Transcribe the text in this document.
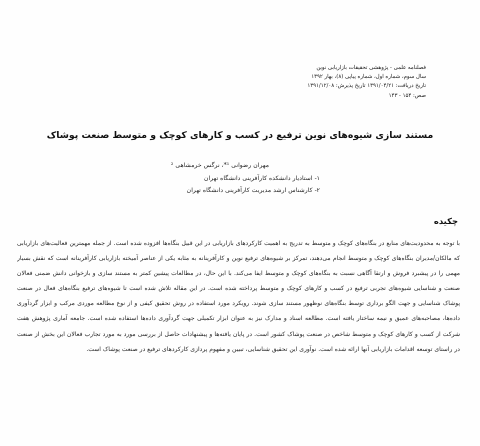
فصلنامه علمی - پژوهشی تحقیقات بازاریابی نوین
سال سوم، شماره اول، شماره پیاپی (۸)، بهار ۱۳۹۲
تاریخ دریافت: ۱۳۹۱/۰۴/۲۱ تاریخ پذیرش: ۱۳۹۱/۱۲/۰۸
صص: ۱۵۴ - ۱۴۳
مستند سازی شیوه‌های نوین ترفیع در کسب و کارهای کوچک و متوسط صنعت پوشاک
مهران رضوانی ¹*، نرگس خرمشاهی ²
۱- استادیار دانشکده کارآفرینی دانشگاه تهران
۲- کارشناس ارشد مدیریت کارآفرینی دانشگاه تهران
چکیده
با توجه به محدودیت‌های منابع در بنگاه‌های کوچک و متوسط به تدریج به اهمیت کارکردهای بازاریابی در این قبیل بنگاه‌ها افزوده شده است. از جمله مهمترین فعالیت‌های بازاریابی که مالکان/مدیران بنگاه‌های کوچک و متوسط انجام می‌دهند، تمرکز بر شیوه‌های ترفیع نوین و کارآفرینانه به مثابه یکی از عناصر آمیخته بازاریابی کارآفرینانه است که نقش بسیار مهمی را در پیشبرد فروش و ارتقا آگاهی نسبت به بنگاه‌های کوچک و متوسط ایفا می‌کند. با این حال، در مطالعات پیشین کمتر به مستند سازی و بازخوانی دانش ضمنی فعالان صنعت و شناسایی شیوه‌های تجربی ترفیع در کسب و کارهای کوچک و متوسط پرداخته شده است. در این مقاله تلاش شده است تا شیوه‌های ترفیع بنگاه‌های فعال در صنعت پوشاک شناسایی و جهت الگو برداری توسط بنگاه‌های نوظهور مستند سازی شوند. رویکرد مورد استفاده در روش تحقیق کیفی و از نوع مطالعه موردی مرکب و ابزار گردآوری داده‌ها، مصاحبه‌های عمیق و نیمه ساختار یافته است. مطالعه اسناد و مدارک نیز به عنوان ابزار تکمیلی جهت گردآوری داده‌ها استفاده شده است. جامعه آماری پژوهش هفت شرکت از کسب و کارهای کوچک و متوسط شاخص در صنعت پوشاک کشور است. در پایان یافته‌ها و پیشنهادات حاصل از بررسی مورد به مورد تجارب فعالان این بخش از صنعت در راستای توسعه اقدامات بازاریابی آنها ارائه شده است. نوآوری این تحقیق شناسایی، تبیین و مفهوم پردازی کارکردهای ترفیع در صنعت پوشاک است.
